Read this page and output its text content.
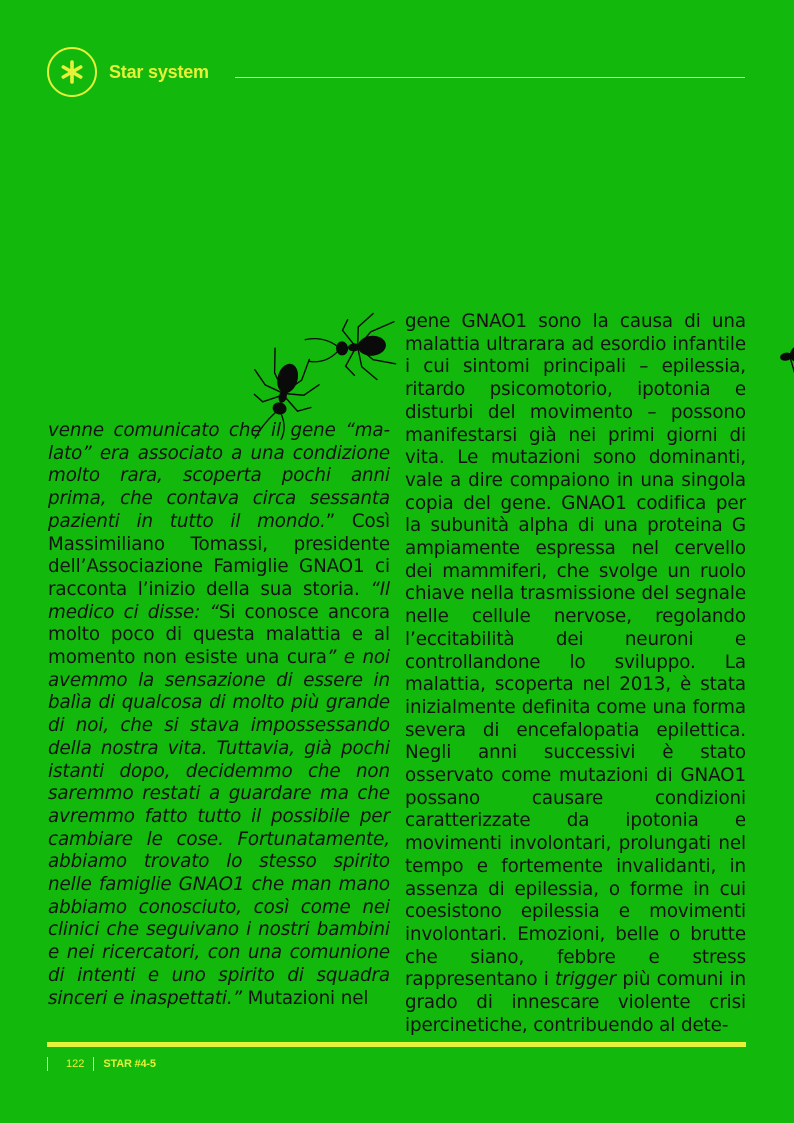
Star system

venne comunicato che il gene “ma-lato” era associato a una condizione molto rara, scoperta pochi anni prima, che contava circa sessanta pazienti in tutto il mondo.” Così Massimiliano Tomassi, presidente dell’Associazione Famiglie GNAO1 ci racconta l’inizio della sua storia. “Il medico ci disse: “Si conosce ancora molto poco di questa malattia e al momento non esiste una cura” e noi avemmo la sensazione di essere in balìa di qualcosa di molto più grande di noi, che si stava impossessando della nostra vita. Tuttavia, già pochi istanti dopo, decidemmo che non saremmo restati a guardare ma che avremmo fatto tutto il possibile per cambiare le cose. Fortunatamente, abbiamo trovato lo stesso spirito nelle famiglie GNAO1 che man mano abbiamo conosciuto, così come nei clinici che seguivano i nostri bambini e nei ricercatori, con una comunione di intenti e uno spirito di squadra sinceri e inaspettati.” Mutazioni nel

gene GNAO1 sono la causa di una malattia ultrarara ad esordio infantile i cui sintomi principali – epilessia, ritardo psicomotorio, ipotonia e disturbi del movimento – possono manifestarsi già nei primi giorni di vita. Le mutazioni sono dominanti, vale a dire compaiono in una singola copia del gene. GNAO1 codifica per la subunità alpha di una proteina G ampiamente espressa nel cervello dei mammiferi, che svolge un ruolo chiave nella trasmissione del segnale nelle cellule nervose, regolando l’eccitabilità dei neuroni e controllandone lo sviluppo. La malattia, scoperta nel 2013, è stata inizialmente definita come una forma severa di encefalopatia epilettica. Negli anni successivi è stato osservato come mutazioni di GNAO1 possano causare condizioni caratterizzate da ipotonia e movimenti involontari, prolungati nel tempo e fortemente invalidanti, in assenza di epilessia, o forme in cui coesistono epilessia e movimenti involontari. Emozioni, belle o brutte che siano, febbre e stress rappresentano i trigger più comuni in grado di innescare violente crisi ipercinetiche, contribuendo al dete-

122 STAR #4-5
